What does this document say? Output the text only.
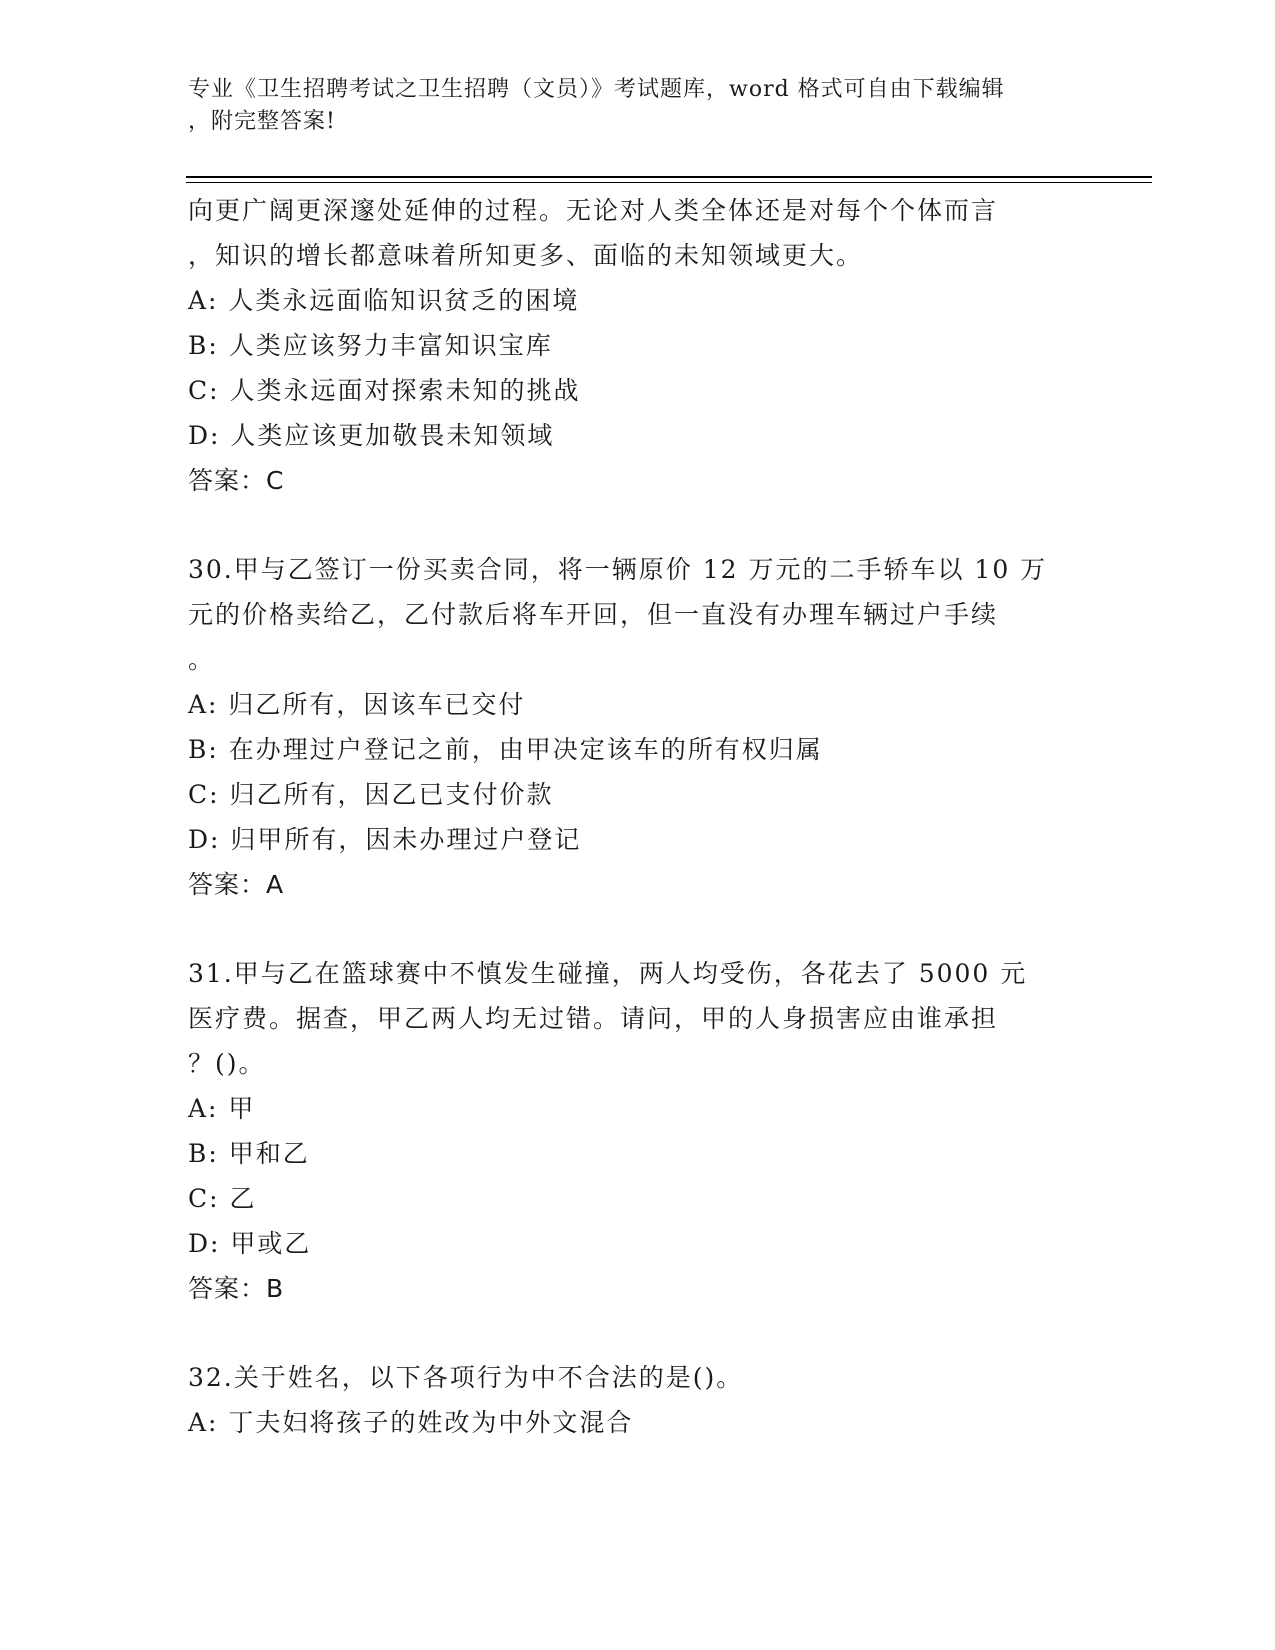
专业《卫生招聘考试之卫生招聘（文员）》考试题库，word 格式可自由下载编辑
，附完整答案!

向更广阔更深邃处延伸的过程。无论对人类全体还是对每个个体而言

，知识的增长都意味着所知更多、面临的未知领域更大。

A: 人类永远面临知识贫乏的困境

B: 人类应该努力丰富知识宝库

C: 人类永远面对探索未知的挑战

D: 人类应该更加敬畏未知领域

答案：C

30.甲与乙签订一份买卖合同，将一辆原价 12 万元的二手轿车以 10 万

元的价格卖给乙，乙付款后将车开回，但一直没有办理车辆过户手续

。

A: 归乙所有，因该车已交付

B: 在办理过户登记之前，由甲决定该车的所有权归属

C: 归乙所有，因乙已支付价款

D: 归甲所有，因未办理过户登记

答案：A

31.甲与乙在篮球赛中不慎发生碰撞，两人均受伤，各花去了 5000 元

医疗费。据查，甲乙两人均无过错。请问，甲的人身损害应由谁承担

？()。

A: 甲

B: 甲和乙

C: 乙

D: 甲或乙

答案：B

32.关于姓名，以下各项行为中不合法的是()。

A: 丁夫妇将孩子的姓改为中外文混合
